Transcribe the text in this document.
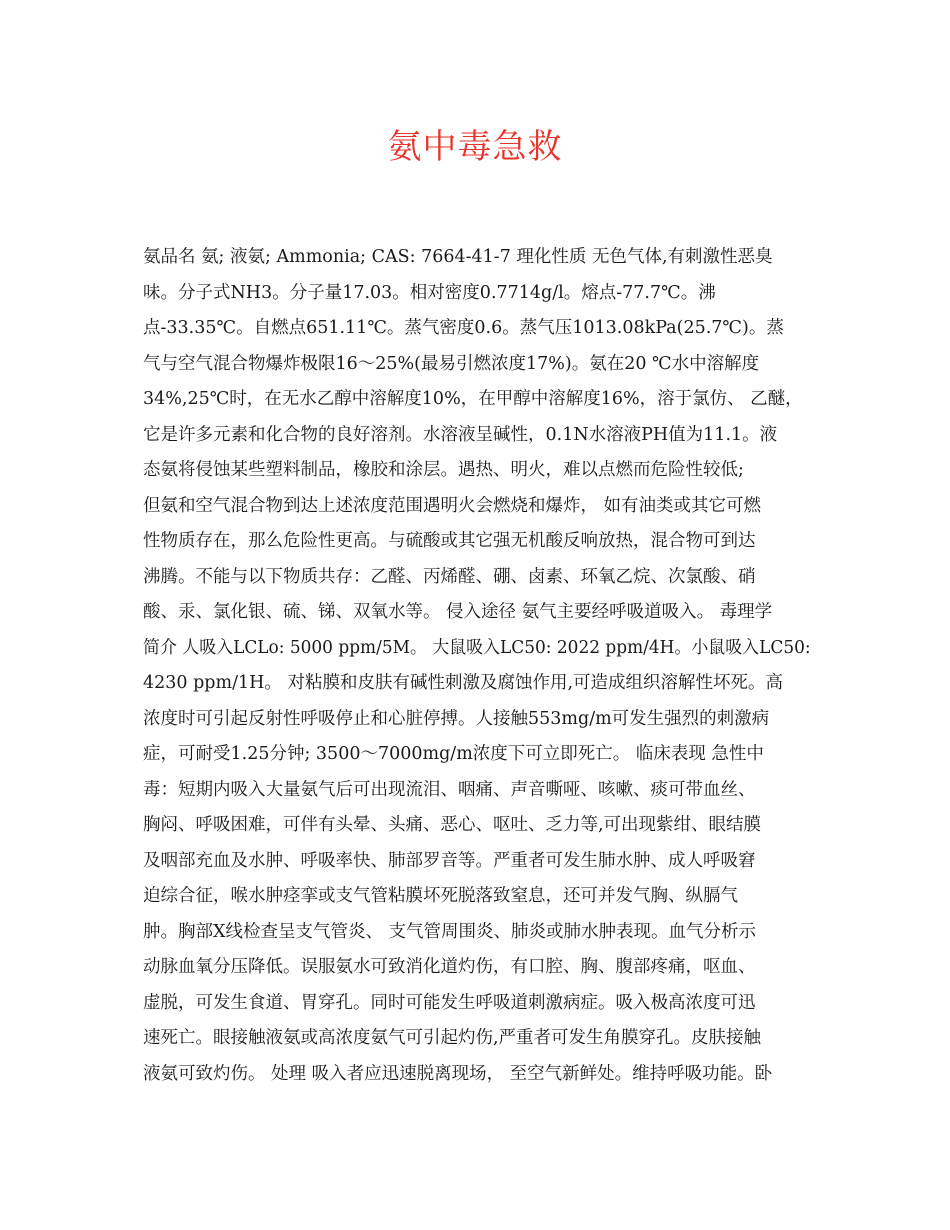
氨中毒急救
氨品名 氨; 液氨; Ammonia; CAS: 7664-41-7 理化性质 无色气体,有刺激性恶臭
味。分子式NH3。分子量17.03。相对密度0.7714g/l。熔点-77.7℃。沸
点-33.35℃。自燃点651.11℃。蒸气密度0.6。蒸气压1013.08kPa(25.7℃)。蒸
气与空气混合物爆炸极限16～25%(最易引燃浓度17%)。氨在20 ℃水中溶解度
34%,25℃时，在无水乙醇中溶解度10%，在甲醇中溶解度16%，溶于氯仿、 乙醚，
它是许多元素和化合物的良好溶剂。水溶液呈碱性，0.1N水溶液PH值为11.1。液
态氨将侵蚀某些塑料制品，橡胶和涂层。遇热、明火，难以点燃而危险性较低;
但氨和空气混合物到达上述浓度范围遇明火会燃烧和爆炸， 如有油类或其它可燃
性物质存在，那么危险性更高。与硫酸或其它强无机酸反响放热，混合物可到达
沸腾。不能与以下物质共存：乙醛、丙烯醛、硼、卤素、环氧乙烷、次氯酸、硝
酸、汞、氯化银、硫、锑、双氧水等。 侵入途径 氨气主要经呼吸道吸入。 毒理学
简介 人吸入LCLo: 5000 ppm/5M。 大鼠吸入LC50: 2022 ppm/4H。小鼠吸入LC50:
4230 ppm/1H。 对粘膜和皮肤有碱性刺激及腐蚀作用,可造成组织溶解性坏死。高
浓度时可引起反射性呼吸停止和心脏停搏。人接触553mg/m可发生强烈的刺激病
症，可耐受1.25分钟; 3500～7000mg/m浓度下可立即死亡。 临床表现 急性中
毒：短期内吸入大量氨气后可出现流泪、咽痛、声音嘶哑、咳嗽、痰可带血丝、
胸闷、呼吸困难，可伴有头晕、头痛、恶心、呕吐、乏力等,可出现紫绀、眼结膜
及咽部充血及水肿、呼吸率快、肺部罗音等。严重者可发生肺水肿、成人呼吸窘
迫综合征，喉水肿痉挛或支气管粘膜坏死脱落致窒息，还可并发气胸、纵膈气
肿。胸部X线检查呈支气管炎、 支气管周围炎、肺炎或肺水肿表现。血气分析示
动脉血氧分压降低。误服氨水可致消化道灼伤，有口腔、胸、腹部疼痛，呕血、
虚脱，可发生食道、胃穿孔。同时可能发生呼吸道刺激病症。吸入极高浓度可迅
速死亡。眼接触液氨或高浓度氨气可引起灼伤,严重者可发生角膜穿孔。皮肤接触
液氨可致灼伤。 处理 吸入者应迅速脱离现场， 至空气新鲜处。维持呼吸功能。卧
